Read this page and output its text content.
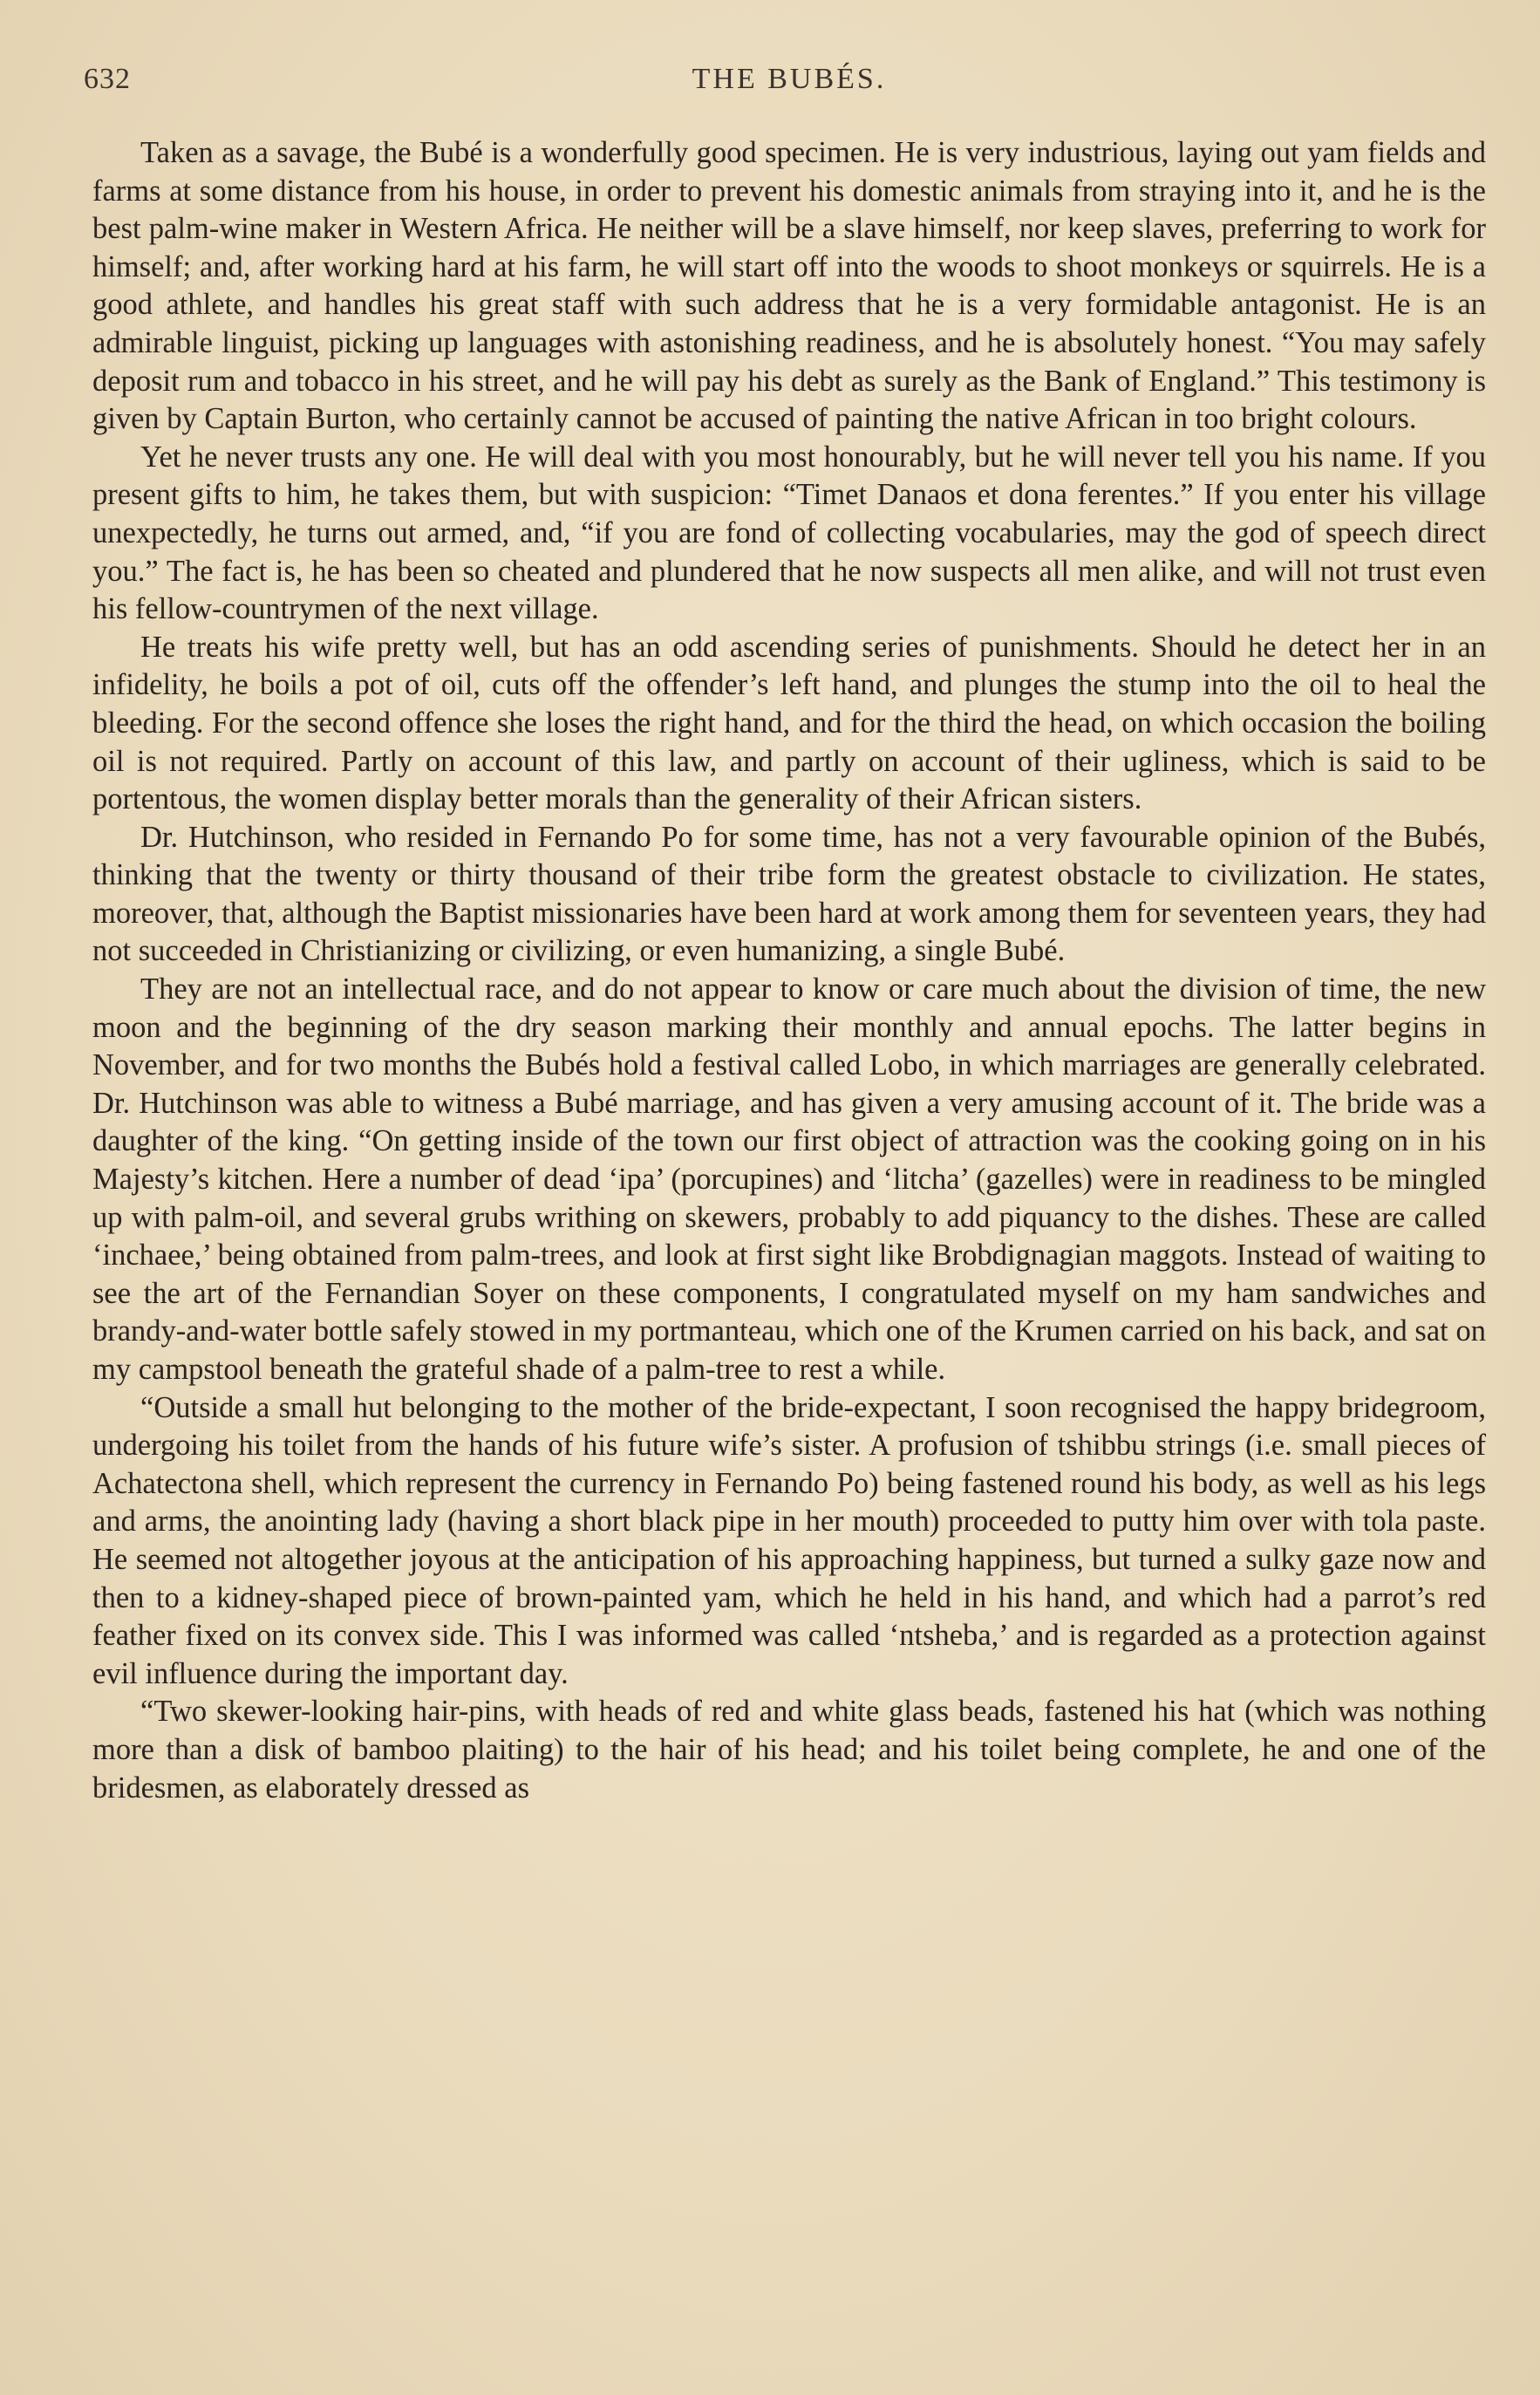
632	THE BUBÉS.

Taken as a savage, the Bubé is a wonderfully good specimen. He is very industrious, laying out yam fields and farms at some distance from his house, in order to prevent his domestic animals from straying into it, and he is the best palm-wine maker in Western Africa. He neither will be a slave himself, nor keep slaves, preferring to work for himself; and, after working hard at his farm, he will start off into the woods to shoot monkeys or squirrels. He is a good athlete, and handles his great staff with such address that he is a very formidable antagonist. He is an admirable linguist, picking up languages with astonishing readiness, and he is absolutely honest. “You may safely deposit rum and tobacco in his street, and he will pay his debt as surely as the Bank of England.” This testimony is given by Captain Burton, who certainly cannot be accused of painting the native African in too bright colours.

Yet he never trusts any one. He will deal with you most honourably, but he will never tell you his name. If you present gifts to him, he takes them, but with suspicion: “Timet Danaos et dona ferentes.” If you enter his village unexpectedly, he turns out armed, and, “if you are fond of collecting vocabularies, may the god of speech direct you.” The fact is, he has been so cheated and plundered that he now suspects all men alike, and will not trust even his fellow-countrymen of the next village.

He treats his wife pretty well, but has an odd ascending series of punishments. Should he detect her in an infidelity, he boils a pot of oil, cuts off the offender’s left hand, and plunges the stump into the oil to heal the bleeding. For the second offence she loses the right hand, and for the third the head, on which occasion the boiling oil is not required. Partly on account of this law, and partly on account of their ugliness, which is said to be portentous, the women display better morals than the generality of their African sisters.

Dr. Hutchinson, who resided in Fernando Po for some time, has not a very favourable opinion of the Bubés, thinking that the twenty or thirty thousand of their tribe form the greatest obstacle to civilization. He states, moreover, that, although the Baptist missionaries have been hard at work among them for seventeen years, they had not succeeded in Christianizing or civilizing, or even humanizing, a single Bubé.

They are not an intellectual race, and do not appear to know or care much about the division of time, the new moon and the beginning of the dry season marking their monthly and annual epochs. The latter begins in November, and for two months the Bubés hold a festival called Lobo, in which marriages are generally celebrated. Dr. Hutchinson was able to witness a Bubé marriage, and has given a very amusing account of it. The bride was a daughter of the king. “On getting inside of the town our first object of attraction was the cooking going on in his Majesty’s kitchen. Here a number of dead ‘ipa’ (porcupines) and ‘litcha’ (gazelles) were in readiness to be mingled up with palm-oil, and several grubs writhing on skewers, probably to add piquancy to the dishes. These are called ‘inchaee,’ being obtained from palm-trees, and look at first sight like Brobdignagian maggots. Instead of waiting to see the art of the Fernandian Soyer on these components, I congratulated myself on my ham sandwiches and brandy-and-water bottle safely stowed in my portmanteau, which one of the Krumen carried on his back, and sat on my campstool beneath the grateful shade of a palm-tree to rest a while.

“Outside a small hut belonging to the mother of the bride-expectant, I soon recognised the happy bridegroom, undergoing his toilet from the hands of his future wife’s sister. A profusion of tshibbu strings (i.e. small pieces of Achatectona shell, which represent the currency in Fernando Po) being fastened round his body, as well as his legs and arms, the anointing lady (having a short black pipe in her mouth) proceeded to putty him over with tola paste. He seemed not altogether joyous at the anticipation of his approaching happiness, but turned a sulky gaze now and then to a kidney-shaped piece of brown-painted yam, which he held in his hand, and which had a parrot’s red feather fixed on its convex side. This I was informed was called ‘ntsheba,’ and is regarded as a protection against evil influence during the important day.

“Two skewer-looking hair-pins, with heads of red and white glass beads, fastened his hat (which was nothing more than a disk of bamboo plaiting) to the hair of his head; and his toilet being complete, he and one of the bridesmen, as elaborately dressed as
